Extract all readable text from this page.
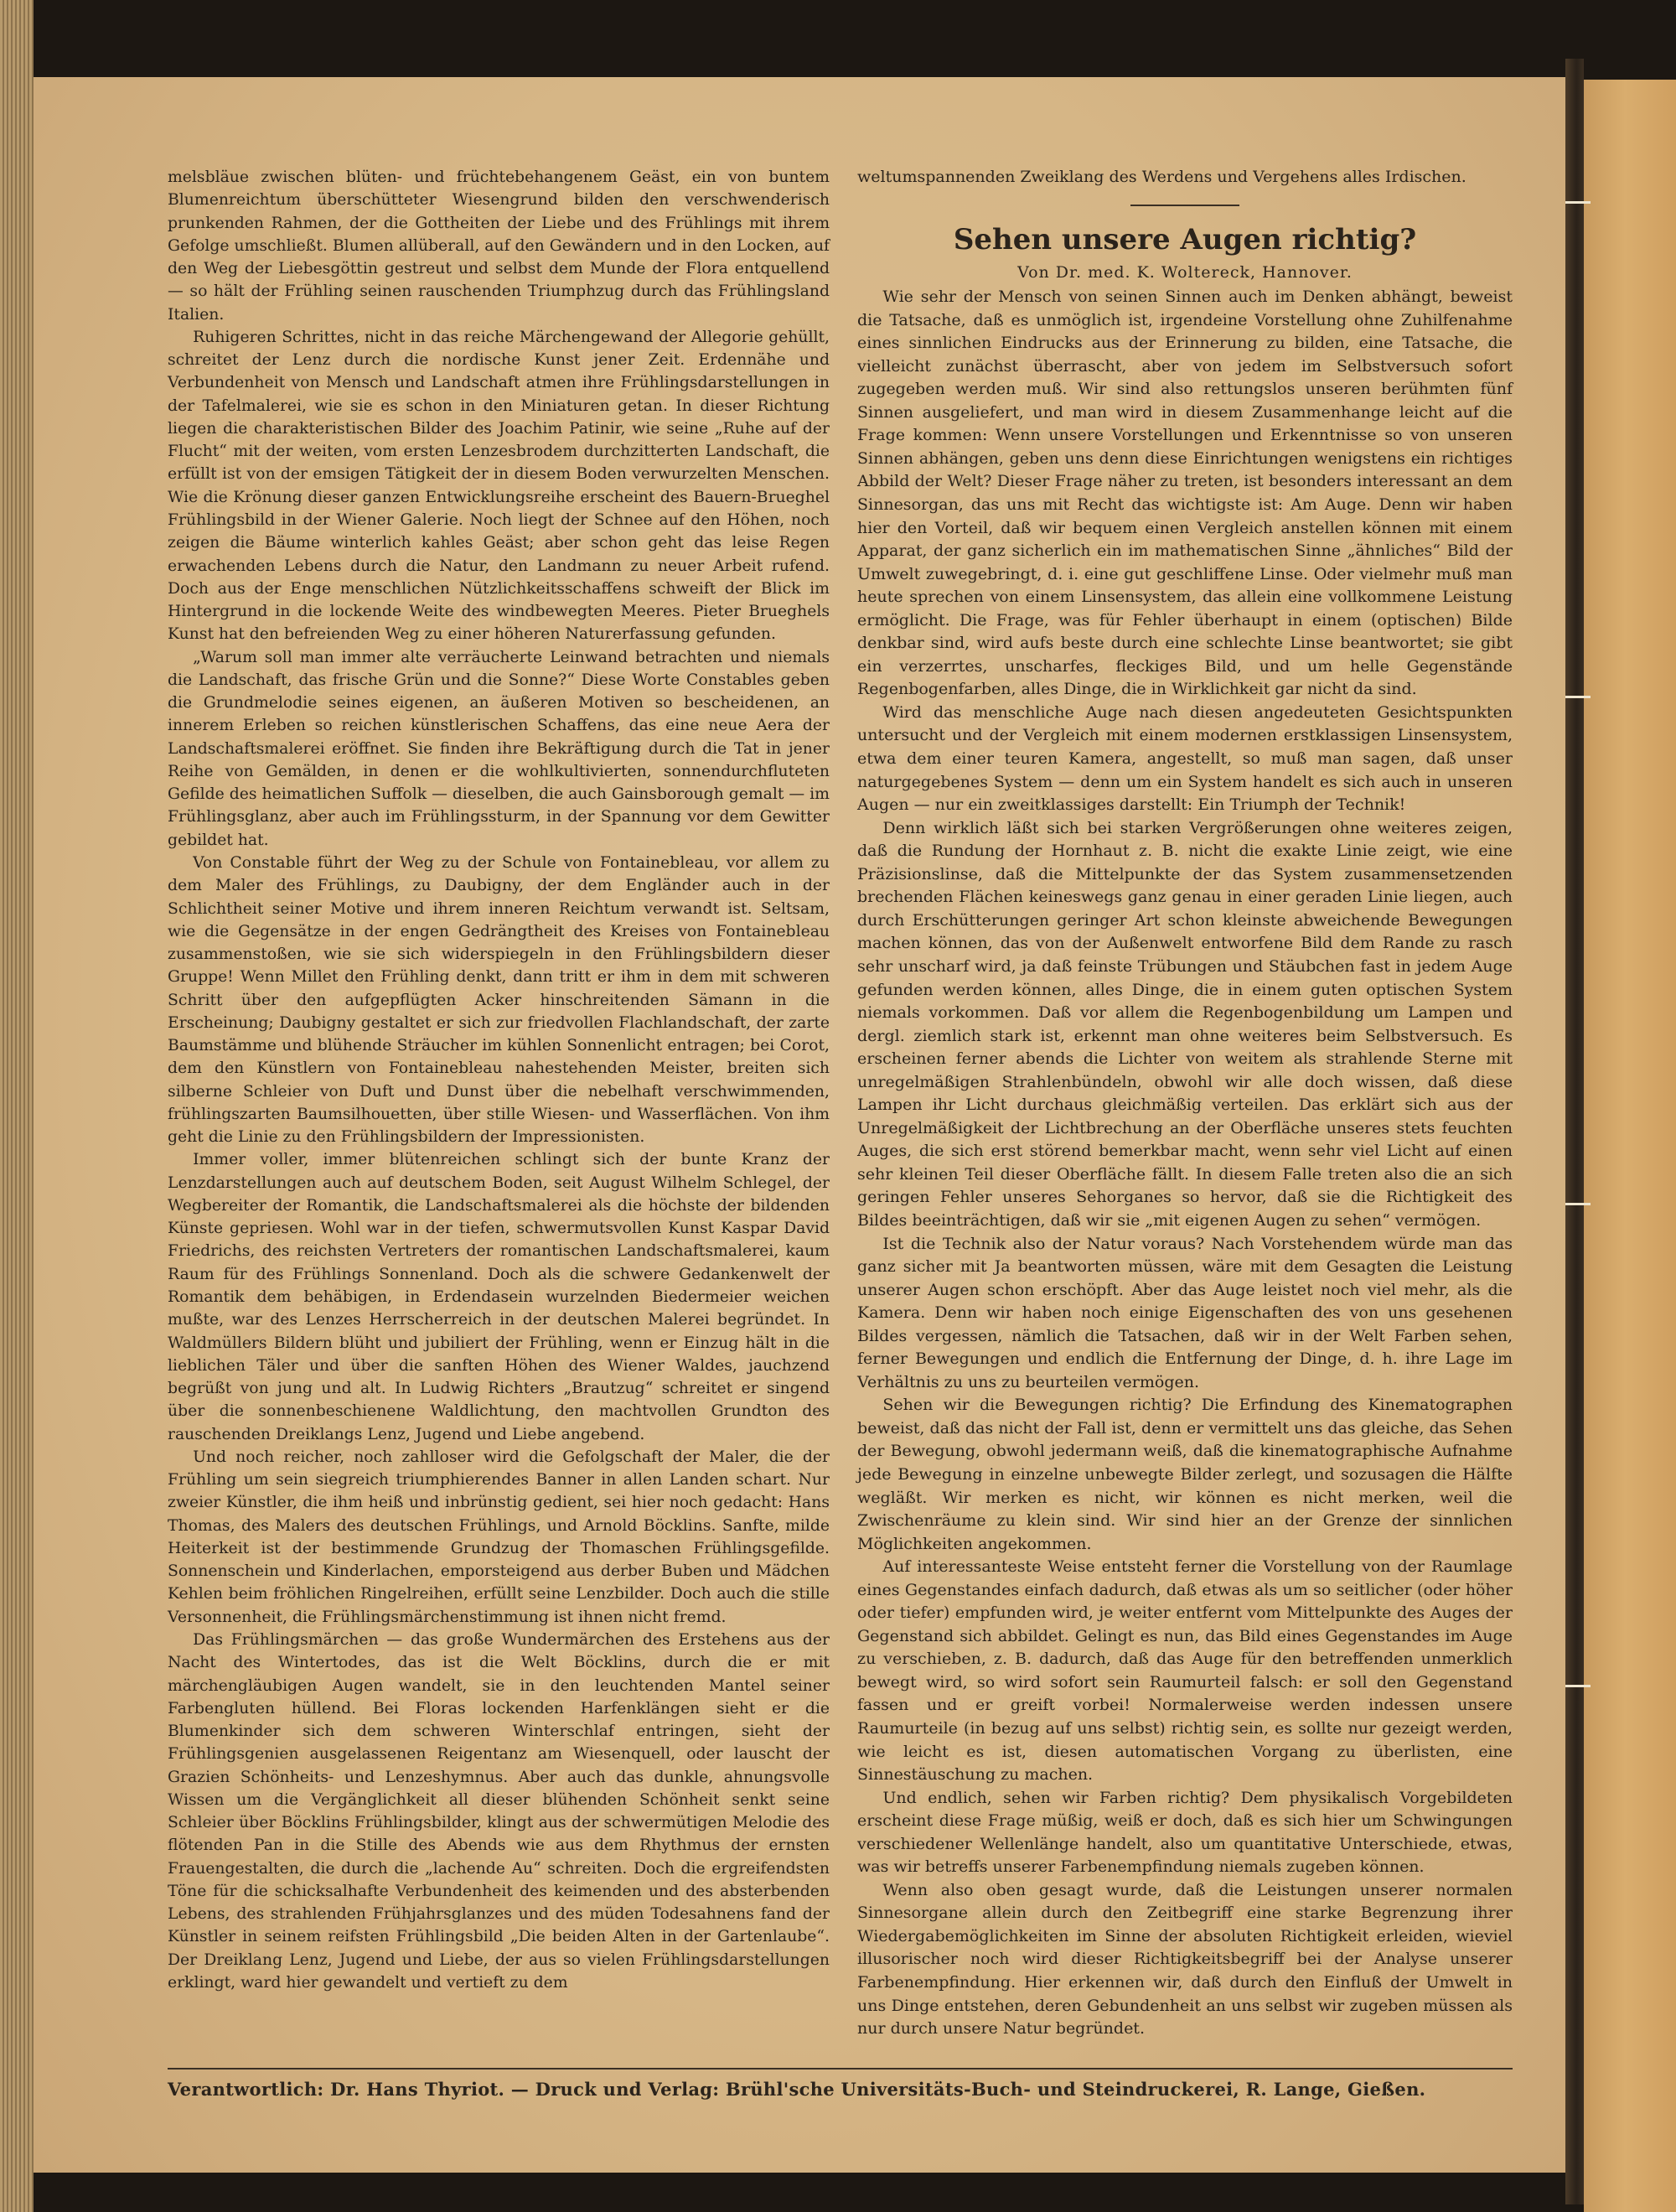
melsbläue zwischen blüten- und früchtebehangenem Geäst, ein von buntem Blumenreichtum überschütteter Wiesengrund bilden den verschwenderisch prunkenden Rahmen, der die Gottheiten der Liebe und des Frühlings mit ihrem Gefolge umschließt. Blumen allüberall, auf den Gewändern und in den Locken, auf den Weg der Liebesgöttin gestreut und selbst dem Munde der Flora entquellend — so hält der Frühling seinen rauschenden Triumphzug durch das Frühlingsland Italien.

Ruhigeren Schrittes, nicht in das reiche Märchengewand der Allegorie gehüllt, schreitet der Lenz durch die nordische Kunst jener Zeit. Erdennähe und Verbundenheit von Mensch und Landschaft atmen ihre Frühlingsdarstellungen in der Tafelmalerei, wie sie es schon in den Miniaturen getan. In dieser Richtung liegen die charakteristischen Bilder des Joachim Patinir, wie seine „Ruhe auf der Flucht“ mit der weiten, vom ersten Lenzesbrodem durchzitterten Landschaft, die erfüllt ist von der emsigen Tätigkeit der in diesem Boden verwurzelten Menschen. Wie die Krönung dieser ganzen Entwicklungsreihe erscheint des Bauern-Brueghel Frühlingsbild in der Wiener Galerie. Noch liegt der Schnee auf den Höhen, noch zeigen die Bäume winterlich kahles Geäst; aber schon geht das leise Regen erwachenden Lebens durch die Natur, den Landmann zu neuer Arbeit rufend. Doch aus der Enge menschlichen Nützlichkeitsschaffens schweift der Blick im Hintergrund in die lockende Weite des windbewegten Meeres. Pieter Brueghels Kunst hat den befreienden Weg zu einer höheren Naturerfassung gefunden.

„Warum soll man immer alte verräucherte Leinwand betrachten und niemals die Landschaft, das frische Grün und die Sonne?“ Diese Worte Constables geben die Grundmelodie seines eigenen, an äußeren Motiven so bescheidenen, an innerem Erleben so reichen künstlerischen Schaffens, das eine neue Aera der Landschaftsmalerei eröffnet. Sie finden ihre Bekräftigung durch die Tat in jener Reihe von Gemälden, in denen er die wohlkultivierten, sonnendurchfluteten Gefilde des heimatlichen Suffolk — dieselben, die auch Gainsborough gemalt — im Frühlingsglanz, aber auch im Frühlingssturm, in der Spannung vor dem Gewitter gebildet hat.

Von Constable führt der Weg zu der Schule von Fontainebleau, vor allem zu dem Maler des Frühlings, zu Daubigny, der dem Engländer auch in der Schlichtheit seiner Motive und ihrem inneren Reichtum verwandt ist. Seltsam, wie die Gegensätze in der engen Gedrängtheit des Kreises von Fontainebleau zusammenstoßen, wie sie sich widerspiegeln in den Frühlingsbildern dieser Gruppe! Wenn Millet den Frühling denkt, dann tritt er ihm in dem mit schweren Schritt über den aufgepflügten Acker hinschreitenden Sämann in die Erscheinung; Daubigny gestaltet er sich zur friedvollen Flachlandschaft, der zarte Baumstämme und blühende Sträucher im kühlen Sonnenlicht entragen; bei Corot, dem den Künstlern von Fontainebleau nahestehenden Meister, breiten sich silberne Schleier von Duft und Dunst über die nebelhaft verschwimmenden, frühlingszarten Baumsilhouetten, über stille Wiesen- und Wasserflächen. Von ihm geht die Linie zu den Frühlingsbildern der Impressionisten.

Immer voller, immer blütenreichen schlingt sich der bunte Kranz der Lenzdarstellungen auch auf deutschem Boden, seit August Wilhelm Schlegel, der Wegbereiter der Romantik, die Landschaftsmalerei als die höchste der bildenden Künste gepriesen. Wohl war in der tiefen, schwermutsvollen Kunst Kaspar David Friedrichs, des reichsten Vertreters der romantischen Landschaftsmalerei, kaum Raum für des Frühlings Sonnenland. Doch als die schwere Gedankenwelt der Romantik dem behäbigen, in Erdendasein wurzelnden Biedermeier weichen mußte, war des Lenzes Herrscherreich in der deutschen Malerei begründet. In Waldmüllers Bildern blüht und jubiliert der Frühling, wenn er Einzug hält in die lieblichen Täler und über die sanften Höhen des Wiener Waldes, jauchzend begrüßt von jung und alt. In Ludwig Richters „Brautzug“ schreitet er singend über die sonnenbeschienene Waldlichtung, den machtvollen Grundton des rauschenden Dreiklangs Lenz, Jugend und Liebe angebend.

Und noch reicher, noch zahlloser wird die Gefolgschaft der Maler, die der Frühling um sein siegreich triumphierendes Banner in allen Landen schart. Nur zweier Künstler, die ihm heiß und inbrünstig gedient, sei hier noch gedacht: Hans Thomas, des Malers des deutschen Frühlings, und Arnold Böcklins. Sanfte, milde Heiterkeit ist der bestimmende Grundzug der Thomaschen Frühlingsgefilde. Sonnenschein und Kinderlachen, emporsteigend aus derber Buben und Mädchen Kehlen beim fröhlichen Ringelreihen, erfüllt seine Lenzbilder. Doch auch die stille Versonnenheit, die Frühlingsmärchenstimmung ist ihnen nicht fremd.

Das Frühlingsmärchen — das große Wundermärchen des Erstehens aus der Nacht des Wintertodes, das ist die Welt Böcklins, durch die er mit märchengläubigen Augen wandelt, sie in den leuchtenden Mantel seiner Farbengluten hüllend. Bei Floras lockenden Harfenklängen sieht er die Blumenkinder sich dem schweren Winterschlaf entringen, sieht der Frühlingsgenien ausgelassenen Reigentanz am Wiesenquell, oder lauscht der Grazien Schönheits- und Lenzeshymnus. Aber auch das dunkle, ahnungsvolle Wissen um die Vergänglichkeit all dieser blühenden Schönheit senkt seine Schleier über Böcklins Frühlingsbilder, klingt aus der schwermütigen Melodie des flötenden Pan in die Stille des Abends wie aus dem Rhythmus der ernsten Frauengestalten, die durch die „lachende Au“ schreiten. Doch die ergreifendsten Töne für die schicksalhafte Verbundenheit des keimenden und des absterbenden Lebens, des strahlenden Frühjahrsglanzes und des müden Todesahnens fand der Künstler in seinem reifsten Frühlingsbild „Die beiden Alten in der Gartenlaube“. Der Dreiklang Lenz, Jugend und Liebe, der aus so vielen Frühlingsdarstellungen erklingt, ward hier gewandelt und vertieft zu dem

weltumspannenden Zweiklang des Werdens und Vergehens alles Irdischen.

Sehen unsere Augen richtig?
Von Dr. med. K. Woltereck, Hannover.

Wie sehr der Mensch von seinen Sinnen auch im Denken abhängt, beweist die Tatsache, daß es unmöglich ist, irgendeine Vorstellung ohne Zuhilfenahme eines sinnlichen Eindrucks aus der Erinnerung zu bilden, eine Tatsache, die vielleicht zunächst überrascht, aber von jedem im Selbstversuch sofort zugegeben werden muß. Wir sind also rettungslos unseren berühmten fünf Sinnen ausgeliefert, und man wird in diesem Zusammenhange leicht auf die Frage kommen: Wenn unsere Vorstellungen und Erkenntnisse so von unseren Sinnen abhängen, geben uns denn diese Einrichtungen wenigstens ein richtiges Abbild der Welt? Dieser Frage näher zu treten, ist besonders interessant an dem Sinnesorgan, das uns mit Recht das wichtigste ist: Am Auge. Denn wir haben hier den Vorteil, daß wir bequem einen Vergleich anstellen können mit einem Apparat, der ganz sicherlich ein im mathematischen Sinne „ähnliches“ Bild der Umwelt zuwegebringt, d. i. eine gut geschliffene Linse. Oder vielmehr muß man heute sprechen von einem Linsensystem, das allein eine vollkommene Leistung ermöglicht. Die Frage, was für Fehler überhaupt in einem (optischen) Bilde denkbar sind, wird aufs beste durch eine schlechte Linse beantwortet; sie gibt ein verzerrtes, unscharfes, fleckiges Bild, und um helle Gegenstände Regenbogenfarben, alles Dinge, die in Wirklichkeit gar nicht da sind.

Wird das menschliche Auge nach diesen angedeuteten Gesichtspunkten untersucht und der Vergleich mit einem modernen erstklassigen Linsensystem, etwa dem einer teuren Kamera, angestellt, so muß man sagen, daß unser naturgegebenes System — denn um ein System handelt es sich auch in unseren Augen — nur ein zweitklassiges darstellt: Ein Triumph der Technik!

Denn wirklich läßt sich bei starken Vergrößerungen ohne weiteres zeigen, daß die Rundung der Hornhaut z. B. nicht die exakte Linie zeigt, wie eine Präzisionslinse, daß die Mittelpunkte der das System zusammensetzenden brechenden Flächen keineswegs ganz genau in einer geraden Linie liegen, auch durch Erschütterungen geringer Art schon kleinste abweichende Bewegungen machen können, das von der Außenwelt entworfene Bild dem Rande zu rasch sehr unscharf wird, ja daß feinste Trübungen und Stäubchen fast in jedem Auge gefunden werden können, alles Dinge, die in einem guten optischen System niemals vorkommen. Daß vor allem die Regenbogenbildung um Lampen und dergl. ziemlich stark ist, erkennt man ohne weiteres beim Selbstversuch. Es erscheinen ferner abends die Lichter von weitem als strahlende Sterne mit unregelmäßigen Strahlenbündeln, obwohl wir alle doch wissen, daß diese Lampen ihr Licht durchaus gleichmäßig verteilen. Das erklärt sich aus der Unregelmäßigkeit der Lichtbrechung an der Oberfläche unseres stets feuchten Auges, die sich erst störend bemerkbar macht, wenn sehr viel Licht auf einen sehr kleinen Teil dieser Oberfläche fällt. In diesem Falle treten also die an sich geringen Fehler unseres Sehorganes so hervor, daß sie die Richtigkeit des Bildes beeinträchtigen, daß wir sie „mit eigenen Augen zu sehen“ vermögen.

Ist die Technik also der Natur voraus? Nach Vorstehendem würde man das ganz sicher mit Ja beantworten müssen, wäre mit dem Gesagten die Leistung unserer Augen schon erschöpft. Aber das Auge leistet noch viel mehr, als die Kamera. Denn wir haben noch einige Eigenschaften des von uns gesehenen Bildes vergessen, nämlich die Tatsachen, daß wir in der Welt Farben sehen, ferner Bewegungen und endlich die Entfernung der Dinge, d. h. ihre Lage im Verhältnis zu uns zu beurteilen vermögen.

Sehen wir die Bewegungen richtig? Die Erfindung des Kinematographen beweist, daß das nicht der Fall ist, denn er vermittelt uns das gleiche, das Sehen der Bewegung, obwohl jedermann weiß, daß die kinematographische Aufnahme jede Bewegung in einzelne unbewegte Bilder zerlegt, und sozusagen die Hälfte wegläßt. Wir merken es nicht, wir können es nicht merken, weil die Zwischenräume zu klein sind. Wir sind hier an der Grenze der sinnlichen Möglichkeiten angekommen.

Auf interessanteste Weise entsteht ferner die Vorstellung von der Raumlage eines Gegenstandes einfach dadurch, daß etwas als um so seitlicher (oder höher oder tiefer) empfunden wird, je weiter entfernt vom Mittelpunkte des Auges der Gegenstand sich abbildet. Gelingt es nun, das Bild eines Gegenstandes im Auge zu verschieben, z. B. dadurch, daß das Auge für den betreffenden unmerklich bewegt wird, so wird sofort sein Raumurteil falsch: er soll den Gegenstand fassen und er greift vorbei! Normalerweise werden indessen unsere Raumurteile (in bezug auf uns selbst) richtig sein, es sollte nur gezeigt werden, wie leicht es ist, diesen automatischen Vorgang zu überlisten, eine Sinnestäuschung zu machen.

Und endlich, sehen wir Farben richtig? Dem physikalisch Vorgebildeten erscheint diese Frage müßig, weiß er doch, daß es sich hier um Schwingungen verschiedener Wellenlänge handelt, also um quantitative Unterschiede, etwas, was wir betreffs unserer Farbenempfindung niemals zugeben können.

Wenn also oben gesagt wurde, daß die Leistungen unserer normalen Sinnesorgane allein durch den Zeitbegriff eine starke Begrenzung ihrer Wiedergabemöglichkeiten im Sinne der absoluten Richtigkeit erleiden, wieviel illusorischer noch wird dieser Richtigkeitsbegriff bei der Analyse unserer Farbenempfindung. Hier erkennen wir, daß durch den Einfluß der Umwelt in uns Dinge entstehen, deren Gebundenheit an uns selbst wir zugeben müssen als nur durch unsere Natur begründet.

Verantwortlich: Dr. Hans Thyriot. — Druck und Verlag: Brühl'sche Universitäts-Buch- und Steindruckerei, R. Lange, Gießen.
